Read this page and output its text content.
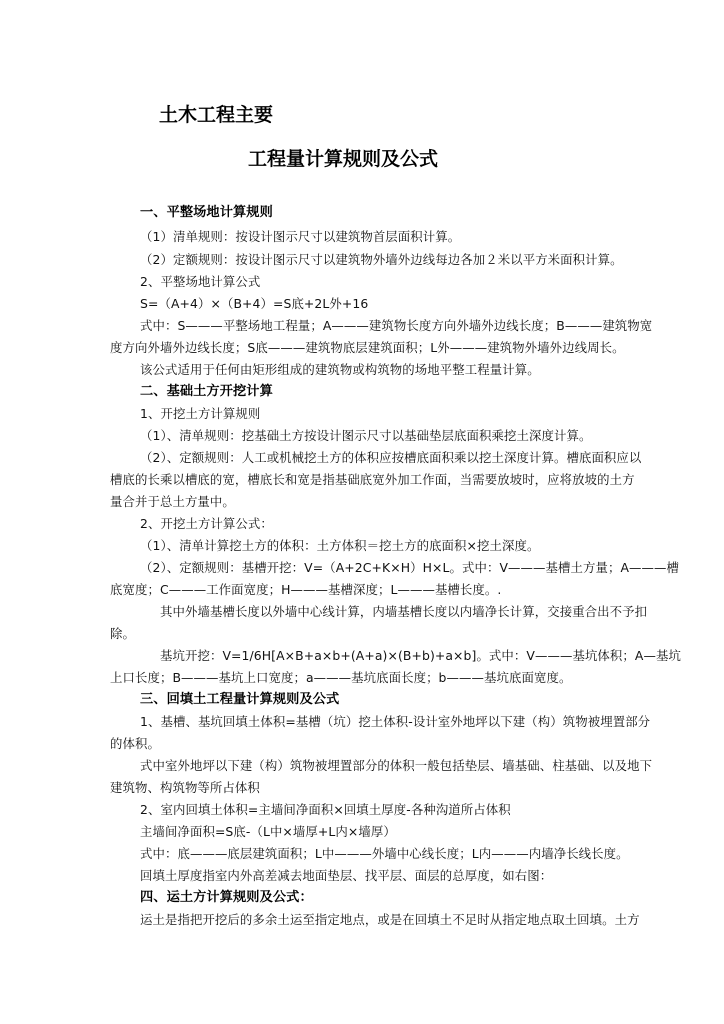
土木工程主要
工程量计算规则及公式
一、平整场地计算规则
（1）清单规则：按设计图示尺寸以建筑物首层面积计算。
（2）定额规则：按设计图示尺寸以建筑物外墙外边线每边各加２米以平方米面积计算。
2、平整场地计算公式
S=（A+4）×（B+4）=S底+2L外+16
式中：S———平整场地工程量；A———建筑物长度方向外墙外边线长度；B———建筑物宽
度方向外墙外边线长度；S底———建筑物底层建筑面积；L外———建筑物外墙外边线周长。
该公式适用于任何由矩形组成的建筑物或构筑物的场地平整工程量计算。
二、基础土方开挖计算
1、开挖土方计算规则
（1）、清单规则：挖基础土方按设计图示尺寸以基础垫层底面积乘挖土深度计算。
（2）、定额规则：人工或机械挖土方的体积应按槽底面积乘以挖土深度计算。槽底面积应以
槽底的长乘以槽底的宽，槽底长和宽是指基础底宽外加工作面，当需要放坡时，应将放坡的土方
量合并于总土方量中。
2、开挖土方计算公式：
（1）、清单计算挖土方的体积：土方体积＝挖土方的底面积×挖土深度。
（2）、定额规则：基槽开挖：V=（A+2C+K×H）H×L。式中：V———基槽土方量；A———槽
底宽度；C———工作面宽度；H———基槽深度；L———基槽长度。.
其中外墙基槽长度以外墙中心线计算，内墙基槽长度以内墙净长计算，交接重合出不予扣
除。
基坑开挖：V=1/6H[A×B+a×b+(A+a)×(B+b)+a×b]。式中：V———基坑体积；A—基坑
上口长度；B———基坑上口宽度；a———基坑底面长度；b———基坑底面宽度。
三、回填土工程量计算规则及公式
1、基槽、基坑回填土体积=基槽（坑）挖土体积-设计室外地坪以下建（构）筑物被埋置部分
的体积。
式中室外地坪以下建（构）筑物被埋置部分的体积一般包括垫层、墙基础、柱基础、以及地下
建筑物、构筑物等所占体积
2、室内回填土体积=主墙间净面积×回填土厚度-各种沟道所占体积
主墙间净面积=S底-（L中×墙厚+L内×墙厚）
式中：底———底层建筑面积；L中———外墙中心线长度；L内———内墙净长线长度。
回填土厚度指室内外高差减去地面垫层、找平层、面层的总厚度，如右图：
四、运土方计算规则及公式：
运土是指把开挖后的多余土运至指定地点，或是在回填土不足时从指定地点取土回填。土方
